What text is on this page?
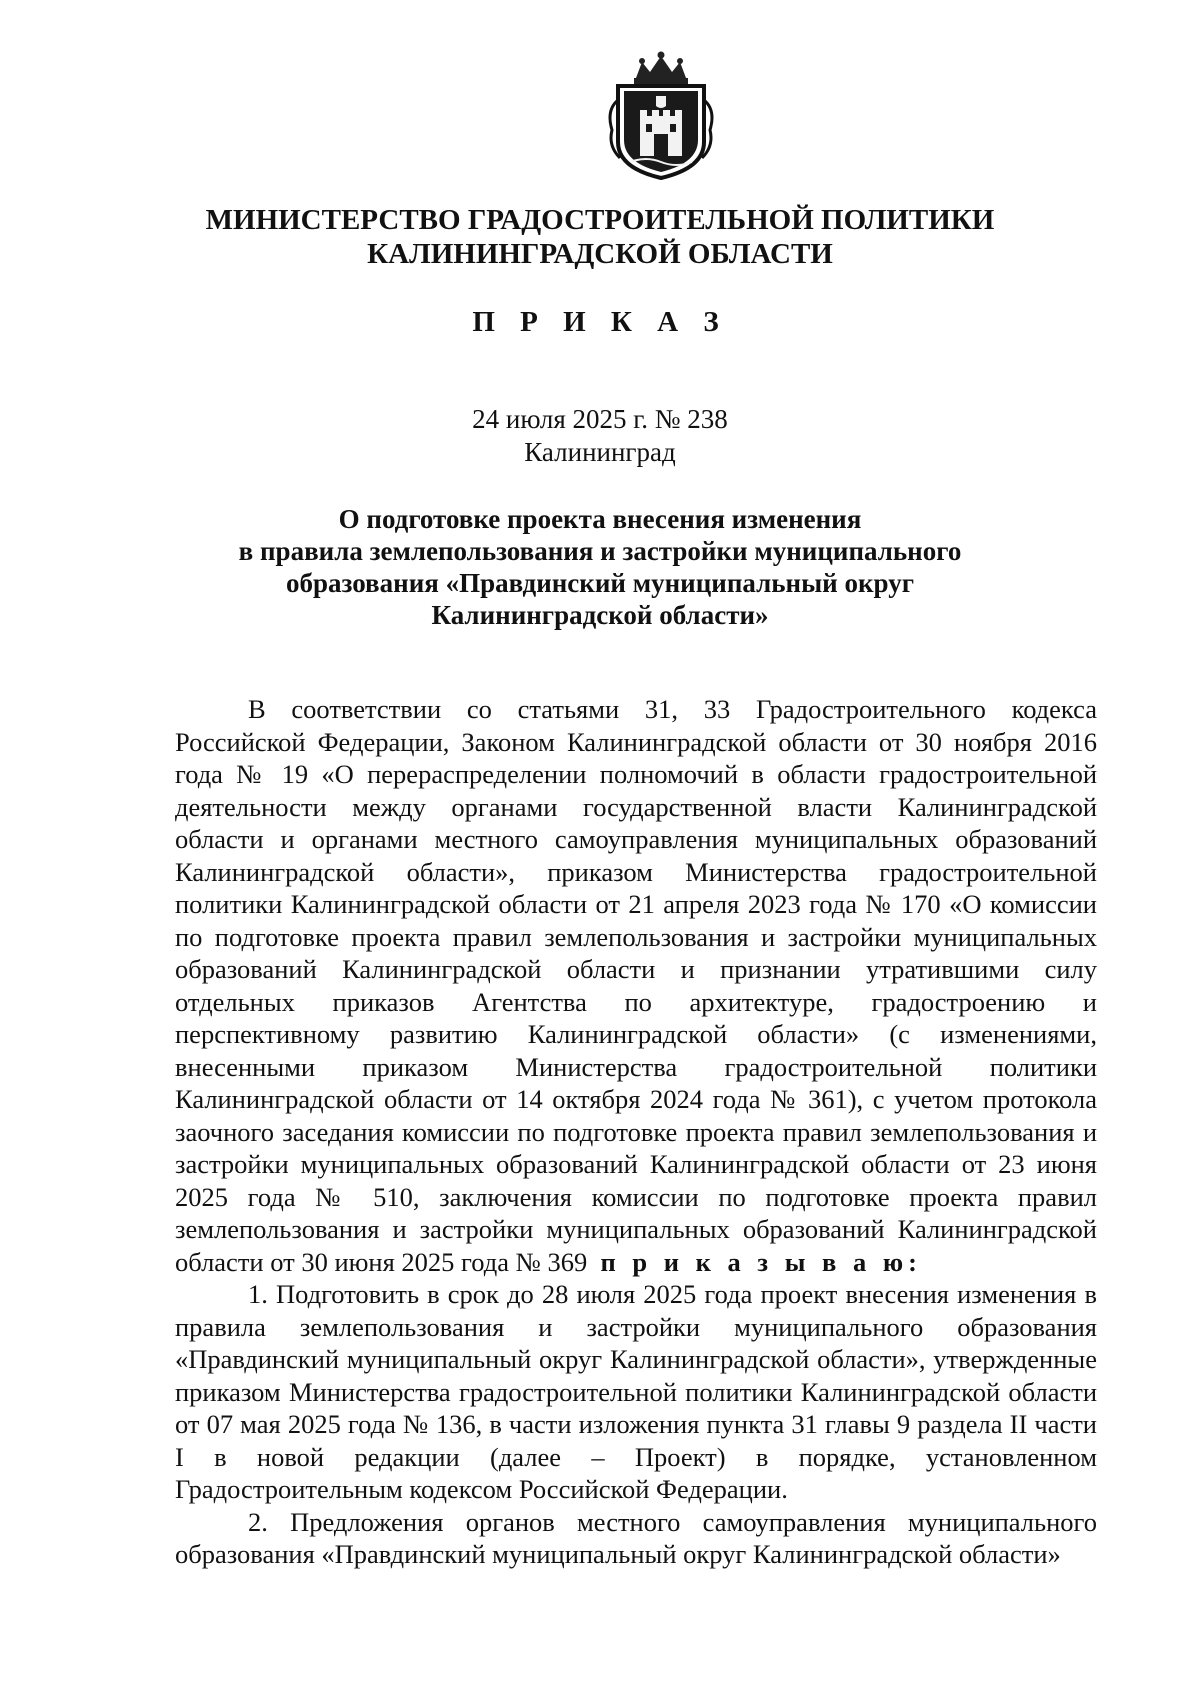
МИНИСТЕРСТВО ГРАДОСТРОИТЕЛЬНОЙ ПОЛИТИКИ
КАЛИНИНГРАДСКОЙ ОБЛАСТИ
П Р И К А З
24 июля 2025 г. № 238
Калининград
О подготовке проекта внесения изменения
в правила землепользования и застройки муниципального
образования «Правдинский муниципальный округ
Калининградской области»

В соответствии со статьями 31, 33 Градостроительного кодекса Российской Федерации, Законом Калининградской области от 30 ноября 2016 года № 19 «О перераспределении полномочий в области градостроительной деятельности между органами государственной власти Калининградской области и органами местного самоуправления муниципальных образований Калининградской области», приказом Министерства градостроительной политики Калининградской области от 21 апреля 2023 года № 170 «О комиссии по подготовке проекта правил землепользования и застройки муниципальных образований Калининградской области и признании утратившими силу отдельных приказов Агентства по архитектуре, градостроению и перспективному развитию Калининградской области» (с изменениями, внесенными приказом Министерства градостроительной политики Калининградской области от 14 октября 2024 года № 361), с учетом протокола заочного заседания комиссии по подготовке проекта правил землепользования и застройки муниципальных образований Калининградской области от 23 июня 2025 года № 510, заключения комиссии по подготовке проекта правил землепользования и застройки муниципальных образований Калининградской области от 30 июня 2025 года № 369 п р и к а з ы в а ю:

1. Подготовить в срок до 28 июля 2025 года проект внесения изменения в правила землепользования и застройки муниципального образования «Правдинский муниципальный округ Калининградской области», утвержденные приказом Министерства градостроительной политики Калининградской области от 07 мая 2025 года № 136, в части изложения пункта 31 главы 9 раздела II части I в новой редакции (далее – Проект) в порядке, установленном Градостроительным кодексом Российской Федерации.

2. Предложения органов местного самоуправления муниципального образования «Правдинский муниципальный округ Калининградской области»
